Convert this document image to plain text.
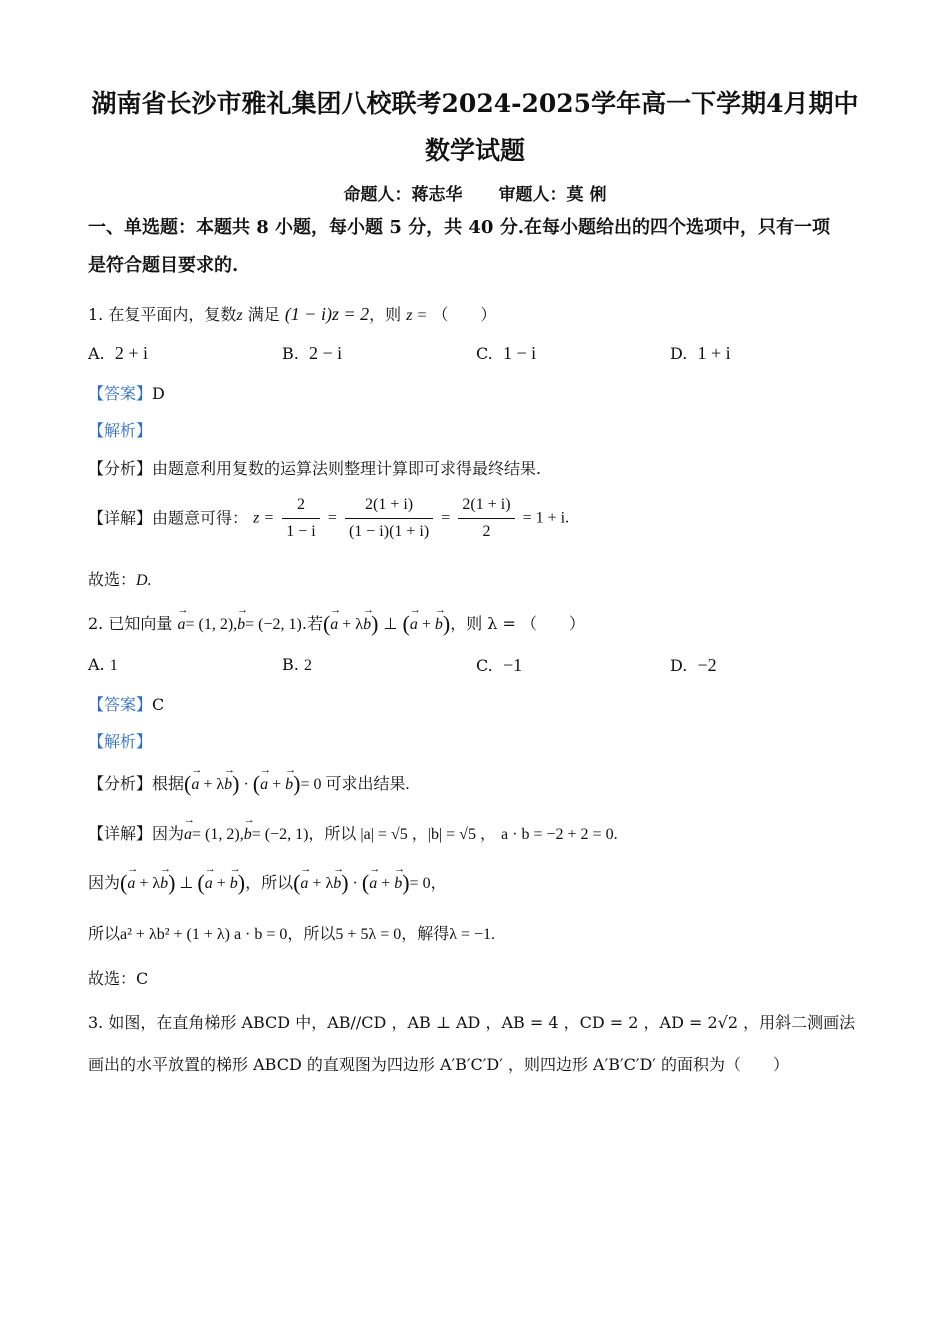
湖南省长沙市雅礼集团八校联考2024-2025学年高一下学期4月期中
数学试题
命题人：蒋志华 审题人：莫 俐
一、单选题：本题共 8 小题，每小题 5 分，共 40 分.在每小题给出的四个选项中，只有一项
是符合题目要求的.
1. 在复平面内，复数z 满足 (1 − i)z = 2，则 z = （　　）
A. 2 + i	B. 2 − i	C. 1 − i	D. 1 + i
【答案】D
【解析】
【分析】由题意利用复数的运算法则整理计算即可求得最终结果.
【详解】由题意可得： $z = \frac{2}{1 - i} = \frac{2(1 + i)}{(1 - i)(1 + i)} = \frac{2(1 + i)}{2} = 1 + i$.
故选：D.
2. 已知向量 → a= (1, 2),→ b= (−2, 1).若(→ a + λ→ b) ⊥ (→ a + → b)，则 λ = （　　）
A. 1	B. 2	C. −1	D. −2
【答案】C
【解析】
【分析】根据(→ a + λ→ b) · (→ a + → b)= 0 可求出结果.
【详解】因为→ a= (1, 2),→ b= (−2, 1)，所以 |a| = √5 ，|b| = √5 ， a · b = −2 + 2 = 0.
因为(→ a + λ→ b) ⊥ (→ a + → b)，所以(→ a + λ→ b) · (→ a + → b)= 0，
所以a² + λb² + (1 + λ) a · b = 0，所以5 + 5λ = 0，解得λ = −1.
故选：C
3. 如图，在直角梯形 ABCD 中，AB//CD ，AB ⊥ AD ，AB = 4 ，CD = 2 ，AD = 2√2 ，用斜二测画法
画出的水平放置的梯形 ABCD 的直观图为四边形 A′B′C′D′ ，则四边形 A′B′C′D′ 的面积为（　　）
